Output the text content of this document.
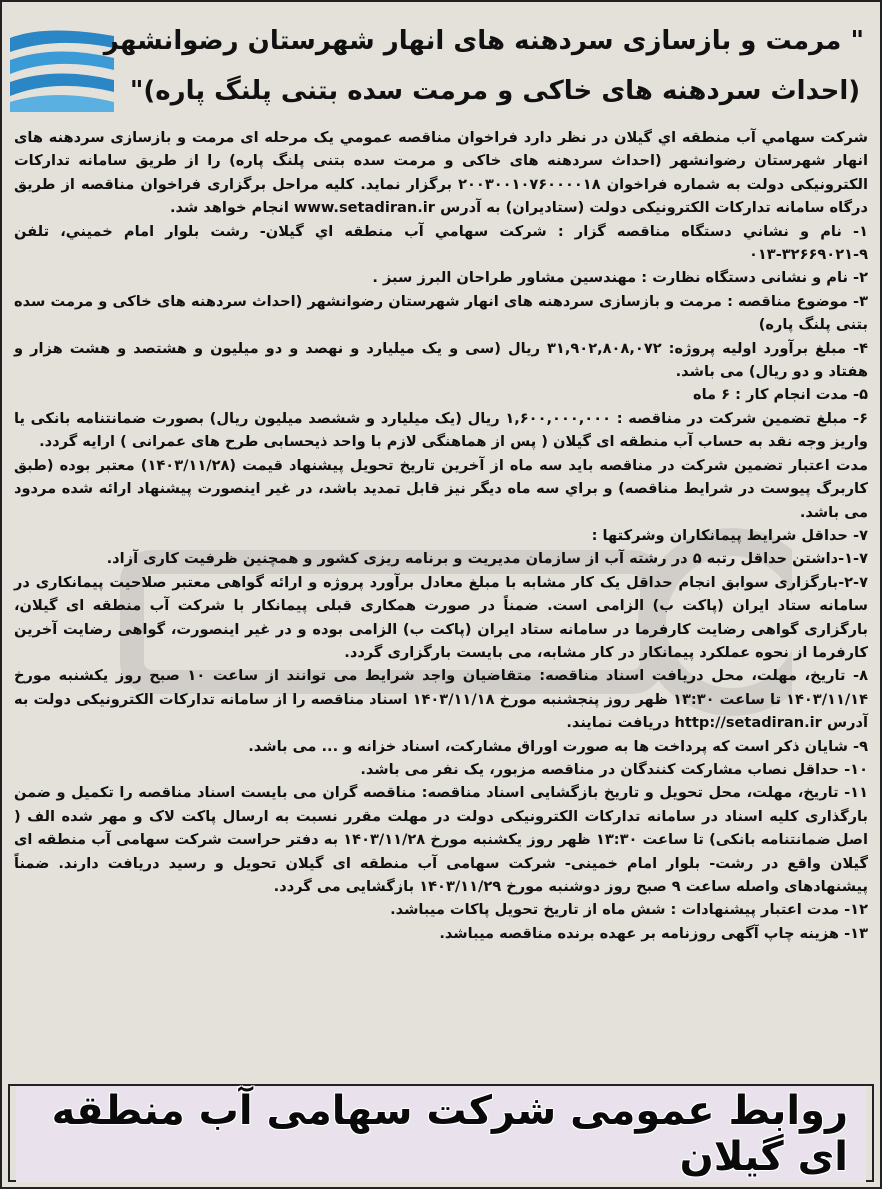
" مرمت و بازسازی سردهنه های انهار شهرستان رضوانشهر
(احداث سردهنه های خاکی و مرمت سده بتنی پلنگ پاره)"

شرکت سهامي آب منطقه اي گيلان در نظر دارد فراخوان مناقصه عمومي یک مرحله ای مرمت و بازسازی سردهنه های انهار شهرستان رضوانشهر (احداث سردهنه های خاکی و مرمت سده بتنی پلنگ پاره) را از طریق سامانه تدارکات الکترونیکی دولت به شماره فراخوان ۲۰۰۳۰۰۱۰۷۶۰۰۰۰۱۸ برگزار نماید. کلیه مراحل برگزاری فراخوان مناقصه از طریق درگاه سامانه تدارکات الکترونیکی دولت (ستادیران) به آدرس www.setadiran.ir انجام خواهد شد.

۱- نام و نشاني دستگاه مناقصه گزار : شرکت سهامي آب منطقه اي گيلان- رشت بلوار امام خميني، تلفن ۹-۳۲۶۶۹۰۲۱-۰۱۳

۲- نام و نشانی دستگاه نظارت : مهندسین مشاور طراحان البرز سبز .

۳- موضوع مناقصه : مرمت و بازسازی سردهنه های انهار شهرستان رضوانشهر (احداث سردهنه های خاکی و مرمت سده بتنی پلنگ پاره)

۴- مبلغ برآورد اولیه پروژه: ۳۱,۹۰۲,۸۰۸,۰۷۲ ریال (سی و یک میلیارد و نهصد و دو میلیون و هشتصد و هشت هزار و هفتاد و دو ریال) می باشد.

۵- مدت انجام کار : ۶ ماه

۶- مبلغ تضمین شرکت در مناقصه : ۱,۶۰۰,۰۰۰,۰۰۰ ریال (یک میلیارد و ششصد میلیون ریال) بصورت ضمانتنامه بانکی یا واریز وجه نقد به حساب آب منطقه ای گیلان ( پس از هماهنگی لازم با واحد ذیحسابی طرح های عمرانی ) ارایه گردد.

مدت اعتبار تضمین شرکت در مناقصه باید سه ماه از آخرین تاریخ تحویل پیشنهاد قیمت (۱۴۰۳/۱۱/۲۸) معتبر بوده (طبق کاربرگ پیوست در شرایط مناقصه) و براي سه ماه دیگر نیز قابل تمدید باشد، در غیر اینصورت پیشنهاد ارائه شده مردود می باشد.

۷- حداقل شرایط پیمانکاران وشرکتها :

۱-۷-داشتن حداقل رتبه ۵ در رشته آب از سازمان مدیریت و برنامه ریزی کشور و همچنین ظرفیت کاری آزاد.

۲-۷-بارگزاری سوابق انجام حداقل یک کار مشابه با مبلغ معادل برآورد پروژه و ارائه گواهی معتبر صلاحیت پیمانکاری در سامانه ستاد ایران (پاکت ب) الزامی است. ضمناً در صورت همکاری قبلی پیمانکار با شرکت آب منطقه ای گیلان، بارگزاری گواهی رضایت کارفرما در سامانه ستاد ایران (پاکت ب) الزامی بوده و در غیر اینصورت، گواهی رضایت آخرین کارفرما از نحوه عملکرد پیمانکار در کار مشابه، می بایست بارگزاری گردد.

۸- تاریخ، مهلت، محل دریافت اسناد مناقصه: متقاضیان واجد شرایط می توانند از ساعت ۱۰ صبح روز یکشنبه مورخ ۱۴۰۳/۱۱/۱۴ تا ساعت ۱۳:۳۰ ظهر روز پنجشنبه مورخ ۱۴۰۳/۱۱/۱۸ اسناد مناقصه را از سامانه تدارکات الکترونیکی دولت به آدرس http://setadiran.ir دریافت نمایند.

۹- شایان ذکر است که پرداخت ها به صورت اوراق مشارکت، اسناد خزانه و ... می باشد.

۱۰- حداقل نصاب مشارکت کنندگان در مناقصه مزبور، یک نفر می باشد.

۱۱- تاریخ، مهلت، محل تحویل و تاریخ بازگشایی اسناد مناقصه: مناقصه گران می بایست اسناد مناقصه را تکمیل و ضمن بارگذاری کلیه اسناد در سامانه تدارکات الکترونیکی دولت در مهلت مقرر نسبت به ارسال پاکت لاک و مهر شده الف ( اصل ضمانتنامه بانکی) تا ساعت ۱۳:۳۰ ظهر روز یکشنبه مورخ ۱۴۰۳/۱۱/۲۸ به دفتر حراست شرکت سهامی آب منطقه ای گیلان واقع در رشت- بلوار امام خمینی- شرکت سهامی آب منطقه ای گیلان تحویل و رسید دریافت دارند. ضمناً پیشنهادهای واصله ساعت ۹ صبح روز دوشنبه مورخ ۱۴۰۳/۱۱/۲۹ بازگشایی می گردد.

۱۲- مدت اعتبار پیشنهادات : شش ماه از تاریخ تحویل پاکات میباشد.

۱۳- هزینه چاپ آگهی روزنامه بر عهده برنده مناقصه میباشد.

روابط عمومی شرکت سهامی آب منطقه ای گیلان
